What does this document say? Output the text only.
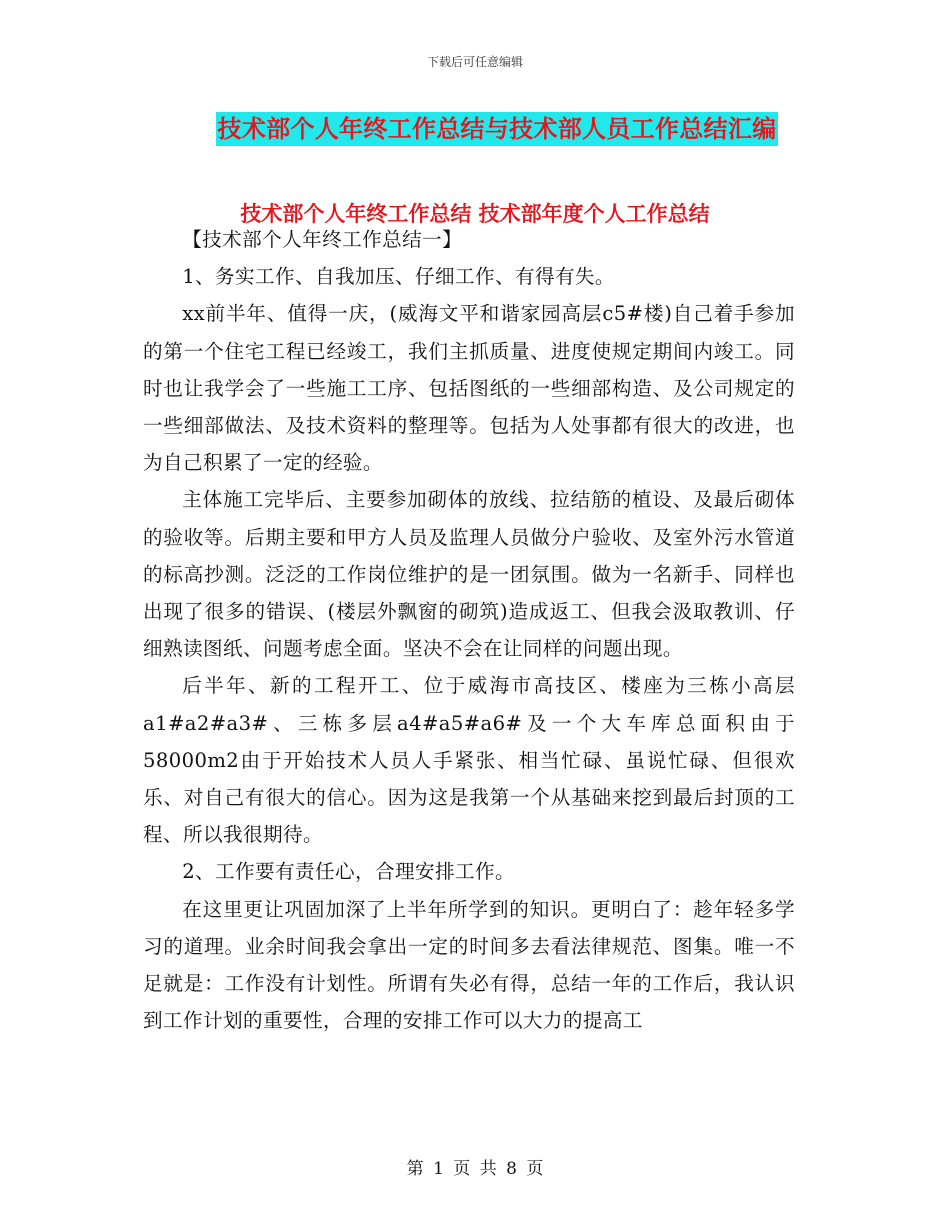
下载后可任意编辑
技术部个人年终工作总结与技术部人员工作总结汇编
技术部个人年终工作总结 技术部年度个人工作总结

【技术部个人年终工作总结一】

1、务实工作、自我加压、仔细工作、有得有失。

xx前半年、值得一庆，(威海文平和谐家园高层c5#楼)自己着手参加的第一个住宅工程已经竣工，我们主抓质量、进度使规定期间内竣工。同时也让我学会了一些施工工序、包括图纸的一些细部构造、及公司规定的一些细部做法、及技术资料的整理等。包括为人处事都有很大的改进，也为自己积累了一定的经验。

主体施工完毕后、主要参加砌体的放线、拉结筋的植设、及最后砌体的验收等。后期主要和甲方人员及监理人员做分户验收、及室外污水管道的标高抄测。泛泛的工作岗位维护的是一团氛围。做为一名新手、同样也出现了很多的错误、(楼层外飘窗的砌筑)造成返工、但我会汲取教训、仔细熟读图纸、问题考虑全面。坚决不会在让同样的问题出现。

后半年、新的工程开工、位于威海市高技区、楼座为三栋小高层a1#a2#a3#、三栋多层a4#a5#a6#及一个大车库总面积由于58000m2由于开始技术人员人手紧张、相当忙碌、虽说忙碌、但很欢乐、对自己有很大的信心。因为这是我第一个从基础来挖到最后封顶的工程、所以我很期待。

2、工作要有责任心，合理安排工作。

在这里更让巩固加深了上半年所学到的知识。更明白了：趁年轻多学习的道理。业余时间我会拿出一定的时间多去看法律规范、图集。唯一不足就是：工作没有计划性。所谓有失必有得，总结一年的工作后，我认识到工作计划的重要性，合理的安排工作可以大力的提高工

第 1 页 共 8 页
